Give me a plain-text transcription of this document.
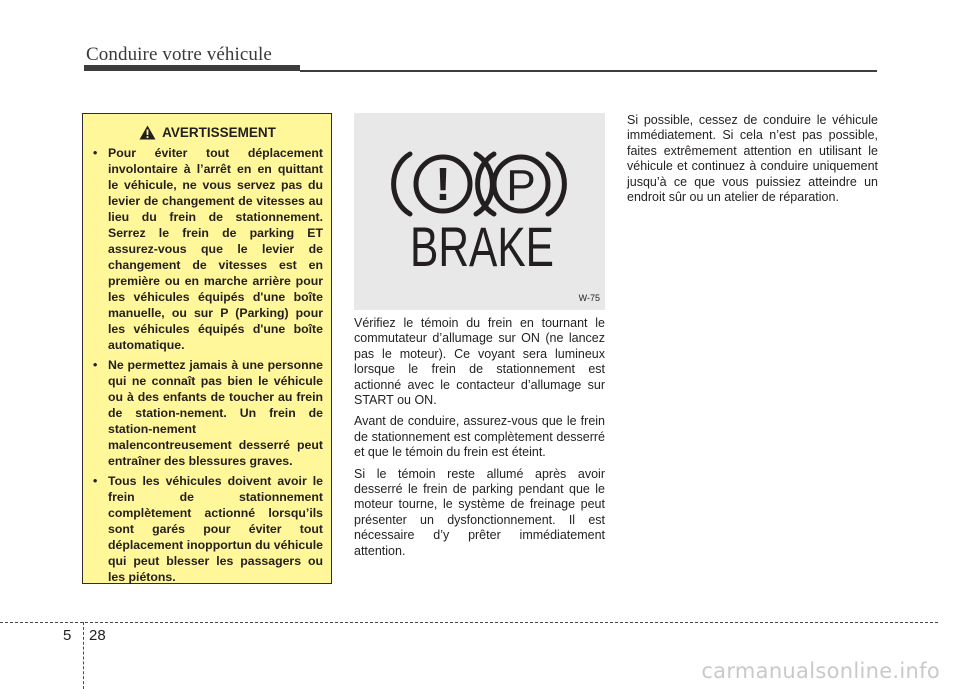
Conduire votre véhicule
AVERTISSEMENT
• Pour éviter tout déplacement involontaire à l’arrêt en en quittant le véhicule, ne vous servez pas du levier de changement de vitesses au lieu du frein de stationnement. Serrez le frein de parking ET assurez-vous que le levier de changement de vitesses est en première ou en marche arrière pour les véhicules équipés d'une boîte manuelle, ou sur P (Parking) pour les véhicules équipés d'une boîte automatique.
• Ne permettez jamais à une personne qui ne connaît pas bien le véhicule ou à des enfants de toucher au frein de station-nement. Un frein de station-nement malencontreusement desserré peut entraîner des blessures graves.
• Tous les véhicules doivent avoir le frein de stationnement complètement actionné lorsqu’ils sont garés pour éviter tout déplacement inopportun du véhicule qui peut blesser les passagers ou les piétons.
! P
BRAKE
W-75

Vérifiez le témoin du frein en tournant le commutateur d’allumage sur ON (ne lancez pas le moteur). Ce voyant sera lumineux lorsque le frein de stationnement est actionné avec le contacteur d’allumage sur START ou ON.

Avant de conduire, assurez-vous que le frein de stationnement est complètement desserré et que le témoin du frein est éteint.

Si le témoin reste allumé après avoir desserré le frein de parking pendant que le moteur tourne, le système de freinage peut présenter un dysfonctionnement. Il est nécessaire d’y prêter immédiatement attention.

Si possible, cessez de conduire le véhicule immédiatement. Si cela n’est pas possible, faites extrêmement attention en utilisant le véhicule et continuez à conduire uniquement jusqu’à ce que vous puissiez atteindre un endroit sûr ou un atelier de réparation.

5 28
carmanualsonline.info
